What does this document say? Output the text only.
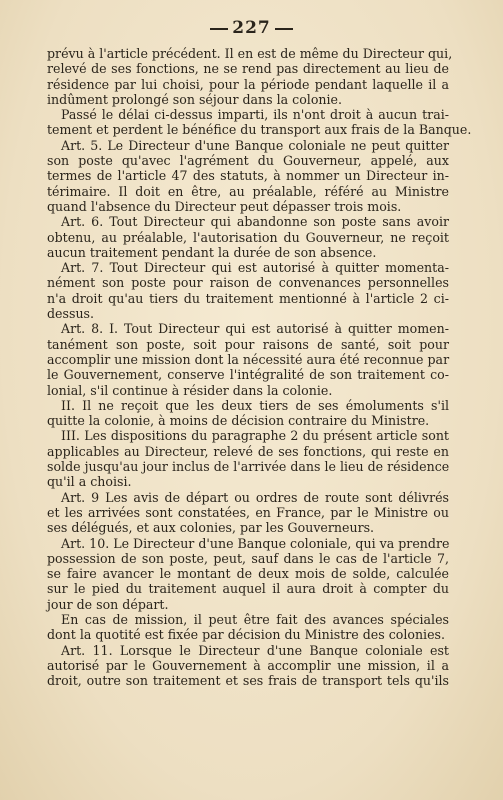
227
prévu à l'article précédent. Il en est de même du Directeur qui,
relevé de ses fonctions, ne se rend pas directement au lieu de
résidence par lui choisi, pour la période pendant laquelle il a
indûment prolongé son séjour dans la colonie.
Passé le délai ci-dessus imparti, ils n'ont droit à aucun trai-
tement et perdent le bénéfice du transport aux frais de la Banque.
Art. 5. Le Directeur d'une Banque coloniale ne peut quitter
son poste qu'avec l'agrément du Gouverneur, appelé, aux
termes de l'article 47 des statuts, à nommer un Directeur in-
térimaire. Il doit en être, au préalable, référé au Ministre
quand l'absence du Directeur peut dépasser trois mois.
Art. 6. Tout Directeur qui abandonne son poste sans avoir
obtenu, au préalable, l'autorisation du Gouverneur, ne reçoit
aucun traitement pendant la durée de son absence.
Art. 7. Tout Directeur qui est autorisé à quitter momenta-
nément son poste pour raison de convenances personnelles
n'a droit qu'au tiers du traitement mentionné à l'article 2 ci-
dessus.
Art. 8. I. Tout Directeur qui est autorisé à quitter momen-
tanément son poste, soit pour raisons de santé, soit pour
accomplir une mission dont la nécessité aura été reconnue par
le Gouvernement, conserve l'intégralité de son traitement co-
lonial, s'il continue à résider dans la colonie.
II. Il ne reçoit que les deux tiers de ses émoluments s'il
quitte la colonie, à moins de décision contraire du Ministre.
III. Les dispositions du paragraphe 2 du présent article sont
applicables au Directeur, relevé de ses fonctions, qui reste en
solde jusqu'au jour inclus de l'arrivée dans le lieu de résidence
qu'il a choisi.
Art. 9 Les avis de départ ou ordres de route sont délivrés
et les arrivées sont constatées, en France, par le Ministre ou
ses délégués, et aux colonies, par les Gouverneurs.
Art. 10. Le Directeur d'une Banque coloniale, qui va prendre
possession de son poste, peut, sauf dans le cas de l'article 7,
se faire avancer le montant de deux mois de solde, calculée
sur le pied du traitement auquel il aura droit à compter du
jour de son départ.
En cas de mission, il peut être fait des avances spéciales
dont la quotité est fixée par décision du Ministre des colonies.
Art. 11. Lorsque le Directeur d'une Banque coloniale est
autorisé par le Gouvernement à accomplir une mission, il a
droit, outre son traitement et ses frais de transport tels qu'ils
